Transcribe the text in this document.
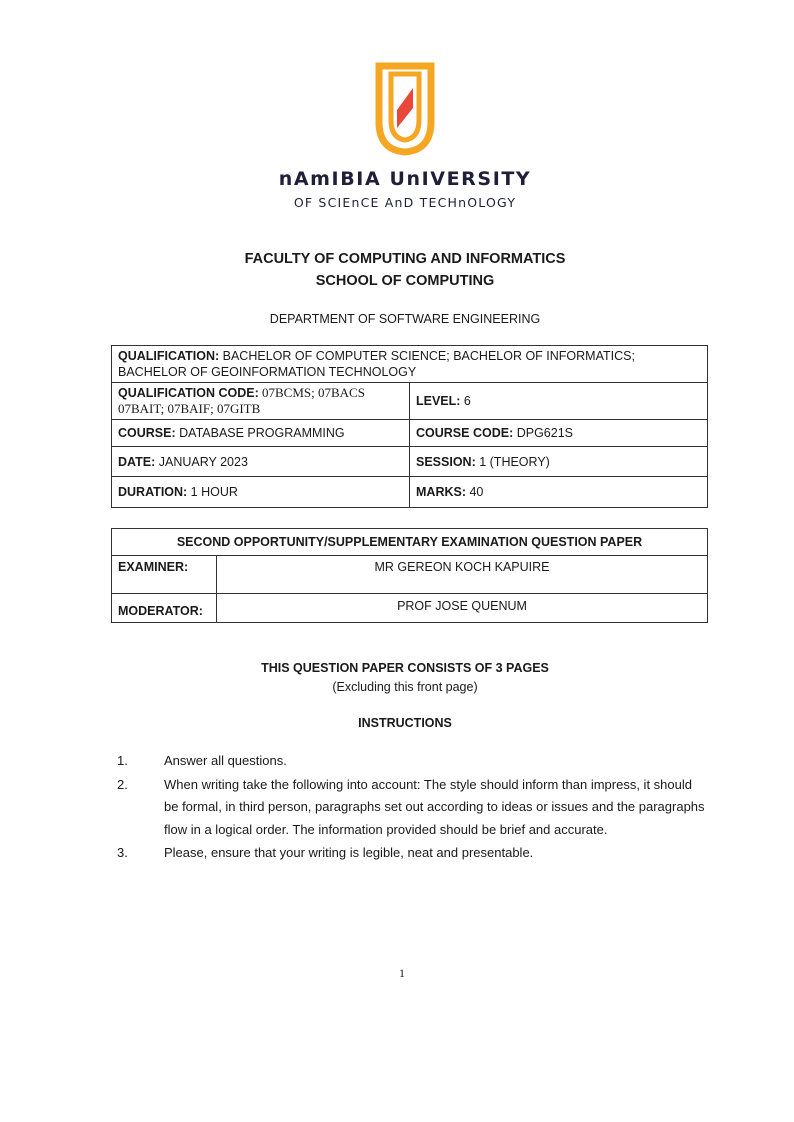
nAmIBIA UnIVERSITY
OF SCIEnCE AnD TECHnOLOGY
FACULTY OF COMPUTING AND INFORMATICS
SCHOOL OF COMPUTING
DEPARTMENT OF SOFTWARE ENGINEERING
QUALIFICATION: BACHELOR OF COMPUTER SCIENCE; BACHELOR OF INFORMATICS; BACHELOR OF GEOINFORMATION TECHNOLOGY	
QUALIFICATION CODE: 07BCMS; 07BACS 07BAIT; 07BAIF; 07GITB	LEVEL: 6
COURSE: DATABASE PROGRAMMING	COURSE CODE: DPG621S
DATE: JANUARY 2023	SESSION: 1 (THEORY)
DURATION: 1 HOUR	MARKS: 40
SECOND OPPORTUNITY/SUPPLEMENTARY EXAMINATION QUESTION PAPER	
EXAMINER:	MR GEREON KOCH KAPUIRE
MODERATOR:	PROF JOSE QUENUM
THIS QUESTION PAPER CONSISTS OF 3 PAGES
(Excluding this front page)
INSTRUCTIONS
1.	Answer all questions.
2.	When writing take the following into account: The style should inform than impress, it should be formal, in third person, paragraphs set out according to ideas or issues and the paragraphs flow in a logical order. The information provided should be brief and accurate.
3.	Please, ensure that your writing is legible, neat and presentable.
1
